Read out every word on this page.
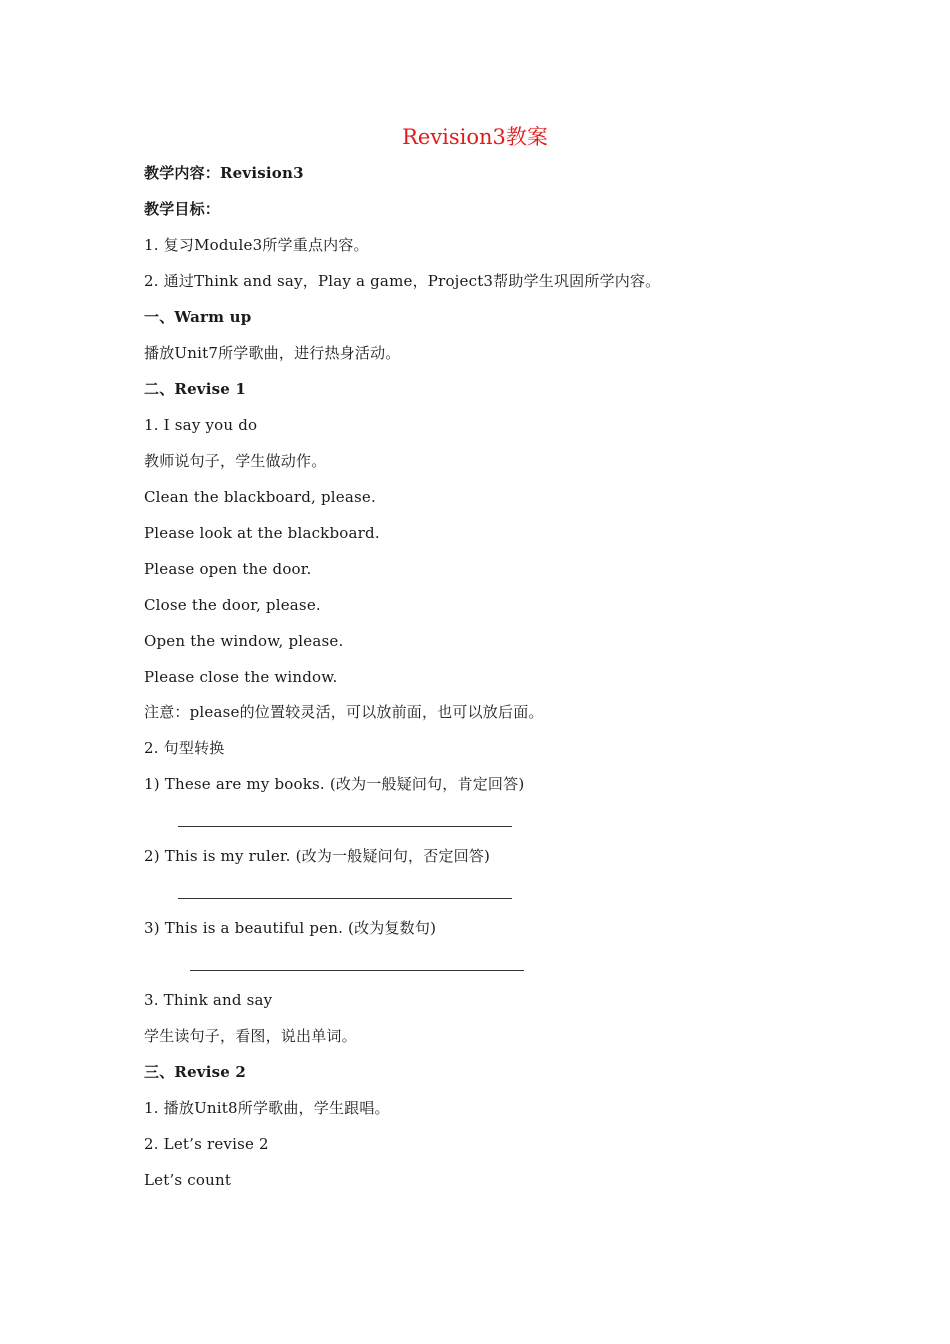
Revision3教案
教学内容：Revision3
教学目标：
1. 复习Module3所学重点内容。
2. 通过Think and say，Play a game，Project3帮助学生巩固所学内容。
一、Warm up
播放Unit7所学歌曲，进行热身活动。
二、Revise 1
1. I say you do
教师说句子，学生做动作。
Clean the blackboard, please.
Please look at the blackboard.
Please open the door.
Close the door, please.
Open the window, please.
Please close the window.
注意：please的位置较灵活，可以放前面，也可以放后面。
2. 句型转换
1) These are my books. (改为一般疑问句，肯定回答)
2) This is my ruler. (改为一般疑问句，否定回答)
3) This is a beautiful pen. (改为复数句)
3. Think and say
学生读句子，看图，说出单词。
三、Revise 2
1. 播放Unit8所学歌曲，学生跟唱。
2. Let’s revise 2
Let’s count
